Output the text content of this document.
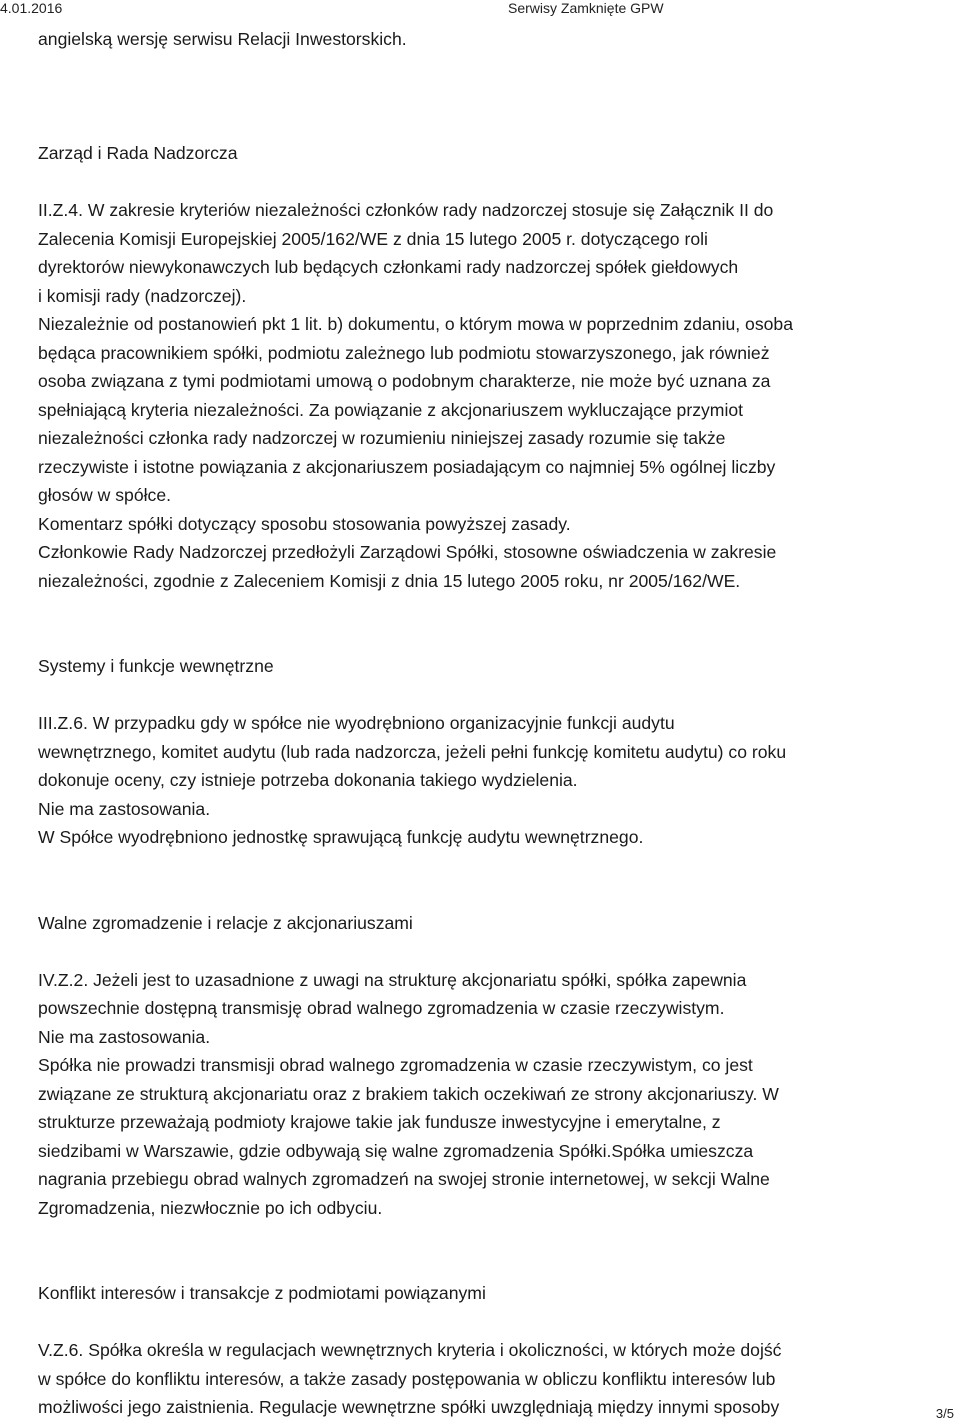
4.01.2016	Serwisy Zamknięte GPW

angielską wersję serwisu Relacji Inwestorskich.

Zarząd i Rada Nadzorcza

II.Z.4. W zakresie kryteriów niezależności członków rady nadzorczej stosuje się Załącznik II do

Zalecenia Komisji Europejskiej 2005/162/WE z dnia 15 lutego 2005 r. dotyczącego roli

dyrektorów niewykonawczych lub będących członkami rady nadzorczej spółek giełdowych

i komisji rady (nadzorczej).

Niezależnie od postanowień pkt 1 lit. b) dokumentu, o którym mowa w poprzednim zdaniu, osoba

będąca pracownikiem spółki, podmiotu zależnego lub podmiotu stowarzyszonego, jak również

osoba związana z tymi podmiotami umową o podobnym charakterze, nie może być uznana za

spełniającą kryteria niezależności. Za powiązanie z akcjonariuszem wykluczające przymiot

niezależności członka rady nadzorczej w rozumieniu niniejszej zasady rozumie się także

rzeczywiste i istotne powiązania z akcjonariuszem posiadającym co najmniej 5% ogólnej liczby

głosów w spółce.

Komentarz spółki dotyczący sposobu stosowania powyższej zasady.

Członkowie Rady Nadzorczej przedłożyli Zarządowi Spółki, stosowne oświadczenia w zakresie

niezależności, zgodnie z Zaleceniem Komisji z dnia 15 lutego 2005 roku, nr 2005/162/WE.

Systemy i funkcje wewnętrzne

III.Z.6. W przypadku gdy w spółce nie wyodrębniono organizacyjnie funkcji audytu

wewnętrznego, komitet audytu (lub rada nadzorcza, jeżeli pełni funkcję komitetu audytu) co roku

dokonuje oceny, czy istnieje potrzeba dokonania takiego wydzielenia.

Nie ma zastosowania.

W Spółce wyodrębniono jednostkę sprawującą funkcję audytu wewnętrznego.

Walne zgromadzenie i relacje z akcjonariuszami

IV.Z.2. Jeżeli jest to uzasadnione z uwagi na strukturę akcjonariatu spółki, spółka zapewnia

powszechnie dostępną transmisję obrad walnego zgromadzenia w czasie rzeczywistym.

Nie ma zastosowania.

Spółka nie prowadzi transmisji obrad walnego zgromadzenia w czasie rzeczywistym, co jest

związane ze strukturą akcjonariatu oraz z brakiem takich oczekiwań ze strony akcjonariuszy. W

strukturze przeważają podmioty krajowe takie jak fundusze inwestycyjne i emerytalne, z

siedzibami w Warszawie, gdzie odbywają się walne zgromadzenia Spółki.Spółka umieszcza

nagrania przebiegu obrad walnych zgromadzeń na swojej stronie internetowej, w sekcji Walne

Zgromadzenia, niezwłocznie po ich odbyciu.

Konflikt interesów i transakcje z podmiotami powiązanymi

V.Z.6. Spółka określa w regulacjach wewnętrznych kryteria i okoliczności, w których może dojść

w spółce do konfliktu interesów, a także zasady postępowania w obliczu konfliktu interesów lub

możliwości jego zaistnienia. Regulacje wewnętrzne spółki uwzględniają między innymi sposoby	3/5
